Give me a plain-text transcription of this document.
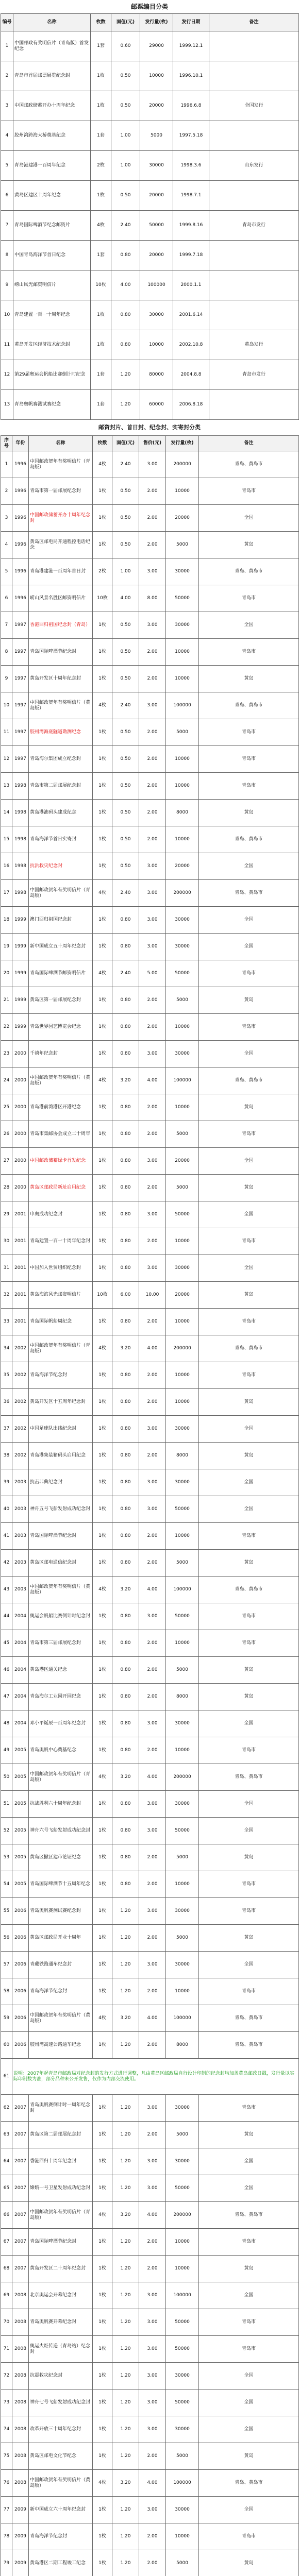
邮票编目分类
编号	名称	枚数	面值(元)	发行量(枚)	发行日期	备注
1	中国邮政有奖明信片（青岛版）首发纪念	1套	0.60	29000	1999.12.1	
2	青岛市首届邮票展览纪念封	1枚	0.50	10000	1996.10.1	
3	中国邮政储蓄开办十周年纪念	1枚	0.50	20000	1996.6.8	全国发行
4	胶州湾跨海大桥奠基纪念	1套	1.00	5000	1997.5.18	
5	青岛港建港一百周年纪念	2枚	1.00	30000	1998.3.6	山东发行
6	黄岛区建区十周年纪念	1枚	0.50	20000	1998.7.1	
7	青岛国际啤酒节纪念邮资片	4枚	2.40	50000	1999.8.16	青岛市发行
8	中国青岛海洋节首日纪念	1套	0.80	20000	1999.7.18	
9	崂山风光邮资明信片	10枚	4.00	100000	2000.1.1	
10	青岛建置一百一十周年纪念	1枚	0.80	30000	2001.6.14	
11	黄岛开发区经济技术纪念封	1枚	0.80	10000	2002.10.8	黄岛发行
12	第29届奥运会帆船比赛倒计时纪念	1套	1.20	80000	2004.8.8	青岛市发行
13	青岛奥帆赛测试赛纪念	1套	1.20	60000	2006.8.18	
邮资封片、首日封、纪念封、实寄封分类
序号	年份	名称	枚数	面值(元)	售价(元)	发行量(枚)	备注
1	1996	中国邮政贺年有奖明信片（青岛版）	4枚	2.40	3.00	200000	青岛、黄岛市
2	1996	青岛市第一届邮展纪念封	1枚	0.50	2.00	10000	青岛市
3	1996	中国邮政储蓄开办十周年纪念封	1枚	0.50	2.00	20000	全国
4	1996	黄岛区邮电局开通程控电话纪念	1枚	0.50	2.00	5000	黄岛
5	1996	青岛港建港一百周年首日封	2枚	1.00	3.00	30000	青岛、黄岛市
6	1996	崂山风景名胜区邮资明信片	10枚	4.00	8.00	50000	青岛市
7	1997	香港回归祖国纪念封（青岛）	1枚	0.50	3.00	30000	全国
8	1997	青岛国际啤酒节纪念封	1枚	0.50	2.00	10000	青岛市
9	1997	黄岛开发区十周年纪念封	1枚	0.50	2.00	10000	黄岛
10	1997	中国邮政贺年有奖明信片（黄岛版）	4枚	2.40	3.00	100000	青岛、黄岛市
11	1997	胶州湾海底隧道勘测纪念	1枚	0.50	2.00	5000	青岛市
12	1997	青岛海尔集团成立纪念封	1枚	0.50	2.00	10000	青岛市
13	1998	青岛市第二届邮展纪念封	1枚	0.50	2.00	10000	青岛市
14	1998	黄岛港油码头建成纪念	1枚	0.50	2.00	8000	黄岛
15	1998	青岛海洋节首日实寄封	1枚	0.50	2.00	10000	青岛、黄岛市
16	1998	抗洪救灾纪念封	1枚	0.50	3.00	20000	全国
17	1998	中国邮政贺年有奖明信片（青岛版）	4枚	2.40	3.00	200000	青岛、黄岛市
18	1999	澳门回归祖国纪念封	1枚	0.80	3.00	30000	全国
19	1999	新中国成立五十周年纪念封	1枚	0.80	3.00	30000	全国
20	1999	青岛国际啤酒节邮资明信片	4枚	2.40	5.00	50000	青岛市
21	1999	黄岛区第一届邮展纪念封	1枚	0.80	2.00	5000	黄岛
22	1999	青岛世界园艺博览会纪念	1枚	0.80	2.00	10000	青岛市
23	2000	千禧年纪念封	1枚	0.80	3.00	30000	全国
24	2000	中国邮政贺年有奖明信片（黄岛版）	4枚	3.20	4.00	100000	青岛、黄岛市
25	2000	青岛港前湾港区开港纪念	1枚	0.80	2.00	10000	黄岛
26	2000	青岛市集邮协会成立二十周年	1枚	0.80	2.00	5000	青岛市
27	2000	中国邮政储蓄绿卡首发纪念	1枚	0.80	3.00	20000	全国
28	2000	黄岛区邮政局新址启用纪念	1枚	0.80	2.00	5000	黄岛
29	2001	申奥成功纪念封	1枚	0.80	3.00	50000	全国
30	2001	青岛建置一百一十周年纪念封	1枚	0.80	2.00	10000	青岛市
31	2001	中国加入世贸组织纪念封	1枚	0.80	3.00	30000	全国
32	2001	黄岛海滨风光邮资明信片	10枚	6.00	10.00	20000	黄岛
33	2001	青岛国际帆船周纪念	1枚	0.80	2.00	10000	青岛市
34	2002	中国邮政贺年有奖明信片（青岛版）	4枚	3.20	4.00	200000	青岛、黄岛市
35	2002	青岛海洋节纪念封	1枚	0.80	2.00	10000	青岛市
36	2002	黄岛开发区十五周年纪念封	1枚	0.80	2.00	10000	黄岛
37	2002	中国足球队出线纪念封	1枚	0.80	3.00	30000	全国
38	2002	青岛港集装箱码头启用纪念	1枚	0.80	2.00	8000	黄岛
39	2003	抗击非典纪念封	1枚	0.80	3.00	30000	全国
40	2003	神舟五号飞船发射成功纪念封	1枚	0.80	3.00	50000	全国
41	2003	青岛国际啤酒节纪念封	1枚	0.80	2.00	10000	青岛市
42	2003	黄岛区邮电通信纪念封	1枚	0.80	2.00	5000	黄岛
43	2003	中国邮政贺年有奖明信片（黄岛版）	4枚	3.20	4.00	100000	青岛、黄岛市
44	2004	奥运会帆船比赛倒计时纪念封	1枚	0.80	3.00	50000	青岛市
45	2004	青岛市第三届邮展纪念封	1枚	0.80	2.00	10000	青岛市
46	2004	黄岛港区通关纪念	1枚	0.80	2.00	5000	黄岛
47	2004	青岛海尔工业园开园纪念	1枚	0.80	2.00	8000	黄岛
48	2004	邓小平诞辰一百周年纪念封	1枚	0.80	3.00	30000	全国
49	2005	青岛奥帆中心奠基纪念	1枚	0.80	2.00	10000	青岛市
50	2005	中国邮政贺年有奖明信片（青岛版）	4枚	3.20	4.00	200000	青岛、黄岛市
51	2005	抗战胜利六十周年纪念封	1枚	0.80	3.00	30000	全国
52	2005	神舟六号飞船发射成功纪念封	1枚	0.80	3.00	50000	全国
53	2005	黄岛区撤区建市论证纪念	1枚	0.80	2.00	5000	黄岛
54	2005	青岛国际啤酒节十五周年纪念	1枚	0.80	2.00	10000	青岛市
55	2006	青岛奥帆赛测试赛纪念封	1枚	1.20	3.00	30000	青岛市
56	2006	黄岛区邮政局开业十周年	1枚	1.20	2.00	5000	黄岛
57	2006	青藏铁路通车纪念封	1枚	1.20	3.00	30000	全国
58	2006	青岛海洋节纪念封	1枚	1.20	2.00	10000	青岛市
59	2006	中国邮政贺年有奖明信片（黄岛版）	4枚	3.20	4.00	100000	青岛、黄岛市
60	2006	胶州湾高速公路通车纪念	1枚	1.20	2.00	8000	青岛、黄岛市
61	说明：2007年起青岛市邮政局对纪念封的发行方式进行调整，凡由黄岛区邮政局自行设计印制的纪念封均加盖黄岛邮政日戳，发行量以实际印制数为准，部分品种未公开发售，仅作为内部交流使用。						
62	2007	青岛奥帆赛倒计时一周年纪念封	1枚	1.20	3.00	30000	青岛市
63	2007	黄岛区第二届邮展纪念封	1枚	1.20	2.00	5000	黄岛
64	2007	香港回归十周年纪念封	1枚	1.20	3.00	30000	全国
65	2007	嫦娥一号卫星发射成功纪念封	1枚	1.20	3.00	50000	全国
66	2007	中国邮政贺年有奖明信片（青岛版）	4枚	3.20	4.00	200000	青岛、黄岛市
67	2007	青岛国际啤酒节纪念封	1枚	1.20	2.00	10000	青岛市
68	2007	黄岛开发区二十周年纪念封	1枚	1.20	2.00	10000	黄岛
69	2008	北京奥运会开幕纪念封	1枚	1.20	3.00	100000	全国
70	2008	青岛奥帆赛开幕纪念封	1枚	1.20	3.00	50000	青岛市
71	2008	奥运火炬传递（青岛站）纪念封	1枚	1.20	3.00	50000	青岛市
72	2008	抗震救灾纪念封	1枚	1.20	3.00	30000	全国
73	2008	神舟七号飞船发射成功纪念封	1枚	1.20	3.00	50000	全国
74	2008	改革开放三十周年纪念封	1枚	1.20	3.00	30000	全国
75	2008	黄岛区邮电文化节纪念	1枚	1.20	2.00	5000	黄岛
76	2008	中国邮政贺年有奖明信片（黄岛版）	4枚	3.20	4.00	100000	青岛、黄岛市
77	2009	新中国成立六十周年纪念封	1枚	1.20	3.00	30000	全国
78	2009	青岛海洋节纪念封	1枚	1.20	2.00	10000	青岛市
79	2009	黄岛港区二期工程竣工纪念	1枚	1.20	2.00	5000	黄岛
